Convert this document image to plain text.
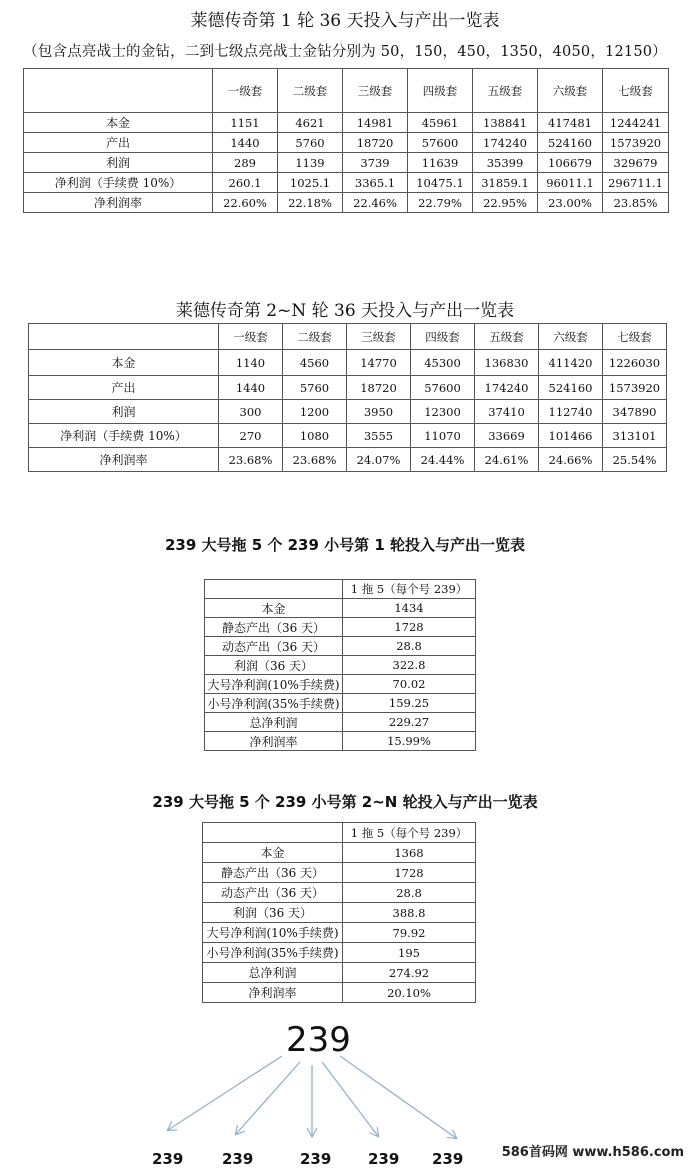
莱德传奇第 1 轮 36 天投入与产出一览表
（包含点亮战士的金钻，二到七级点亮战士金钻分别为 50，150，450，1350，4050，12150）
	一级套	二级套	三级套	四级套	五级套	六级套	七级套
本金	1151	4621	14981	45961	138841	417481	1244241
产出	1440	5760	18720	57600	174240	524160	1573920
利润	289	1139	3739	11639	35399	106679	329679
净利润（手续费 10%）	260.1	1025.1	3365.1	10475.1	31859.1	96011.1	296711.1
净利润率	22.60%	22.18%	22.46%	22.79%	22.95%	23.00%	23.85%
莱德传奇第 2~N 轮 36 天投入与产出一览表
	一级套	二级套	三级套	四级套	五级套	六级套	七级套
本金	1140	4560	14770	45300	136830	411420	1226030
产出	1440	5760	18720	57600	174240	524160	1573920
利润	300	1200	3950	12300	37410	112740	347890
净利润（手续费 10%）	270	1080	3555	11070	33669	101466	313101
净利润率	23.68%	23.68%	24.07%	24.44%	24.61%	24.66%	25.54%
239 大号拖 5 个 239 小号第 1 轮投入与产出一览表
	1 拖 5（每个号 239）
本金	1434
静态产出（36 天）	1728
动态产出（36 天）	28.8
利润（36 天）	322.8
大号净利润(10%手续费)	70.02
小号净利润(35%手续费)	159.25
总净利润	229.27
净利润率	15.99%
239 大号拖 5 个 239 小号第 2~N 轮投入与产出一览表
	1 拖 5（每个号 239）
本金	1368
静态产出（36 天）	1728
动态产出（36 天）	28.8
利润（36 天）	388.8
大号净利润(10%手续费)	79.92
小号净利润(35%手续费)	195
总净利润	274.92
净利润率	20.10%
239
239	239	239 239 239	586首码网 www.h586.com
